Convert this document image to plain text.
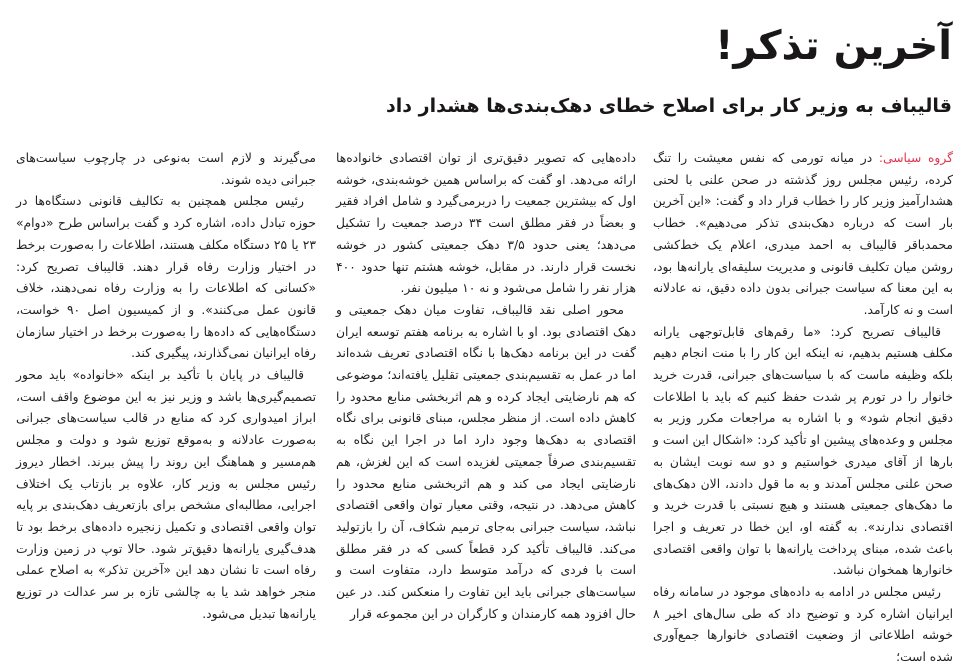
آخرین تذکر!
قالیباف به وزیر کار برای اصلاح خطای دهک‌بندی‌ها هشدار داد

گروه سیاسی: در میانه تورمی که نفس معیشت را تنگ کرده، رئیس مجلس روز گذشته در صحن علنی با لحنی هشدارآمیز وزیر کار را خطاب قرار داد و گفت: «این آخرین بار است که درباره دهک‌بندی تذکر می‌دهیم». خطاب محمدباقر قالیباف به احمد میدری، اعلام یک خط‌کشی روشن میان تکلیف قانونی و مدیریت سلیقه‌ای یارانه‌ها بود، به این معنا که سیاست جبرانی بدون داده دقیق، نه عادلانه است و نه کارآمد.

قالیباف تصریح کرد: «ما رقم‌های قابل‌توجهی یارانه مکلف هستیم بدهیم، نه اینکه این کار را با منت انجام دهیم بلکه وظیفه ماست که با سیاست‌های جبرانی، قدرت خرید خانوار را در تورم پر شدت حفظ کنیم که باید با اطلاعات دقیق انجام شود» و با اشاره به مراجعات مکرر وزیر به مجلس و وعده‌های پیشین او تأکید کرد: «اشکال این است و بارها از آقای میدری خواستیم و دو سه نوبت ایشان به صحن علنی مجلس آمدند و به ما قول دادند، الان دهک‌های ما دهک‌های جمعیتی هستند و هیچ نسبتی با قدرت خرید و اقتصادی ندارند». به گفته او، این خطا در تعریف و اجرا باعث شده، مبنای پرداخت یارانه‌ها با توان واقعی اقتصادی خانوارها همخوان نباشد.

رئیس مجلس در ادامه به داده‌های موجود در سامانه رفاه ایرانیان اشاره کرد و توضیح داد که طی سال‌های اخیر ۸ خوشه اطلاعاتی از وضعیت اقتصادی خانوارها جمع‌آوری شده است؛

داده‌هایی که تصویر دقیق‌تری از توان اقتصادی خانواده‌ها ارائه می‌دهد. او گفت که براساس همین خوشه‌بندی، خوشه اول که بیشترین جمعیت را دربرمی‌گیرد و شامل افراد فقیر و بعضاً در فقر مطلق است ۳۴ درصد جمعیت را تشکیل می‌دهد؛ یعنی حدود ۳/۵ دهک جمعیتی کشور در خوشه نخست قرار دارند. در مقابل، خوشه هشتم تنها حدود ۴۰۰ هزار نفر را شامل می‌شود و نه ۱۰ میلیون نفر.

محور اصلی نقد قالیباف، تفاوت میان دهک جمعیتی و دهک اقتصادی بود. او با اشاره به برنامه هفتم توسعه ایران گفت در این برنامه دهک‌ها با نگاه اقتصادی تعریف شده‌اند اما در عمل به تقسیم‌بندی جمعیتی تقلیل یافته‌اند؛ موضوعی که هم نارضایتی ایجاد کرده و هم اثربخشی منابع محدود را کاهش داده است. از منظر مجلس، مبنای قانونی برای نگاه اقتصادی به دهک‌ها وجود دارد اما در اجرا این نگاه به تقسیم‌بندی صرفاً جمعیتی لغزیده است که این لغزش، هم نارضایتی ایجاد می کند و هم اثربخشی منابع محدود را کاهش می‌دهد. در نتیجه، وقتی معیار توان واقعی اقتصادی نباشد، سیاست جبرانی به‌جای ترمیم شکاف، آن را بازتولید می‌کند. قالیباف تأکید کرد قطعاً کسی که در فقر مطلق است با فردی که درآمد متوسط دارد، متفاوت است و سیاست‌های جبرانی باید این تفاوت را منعکس کند. در عین حال افزود همه کارمندان و کارگران در این مجموعه قرار

می‌گیرند و لازم است به‌نوعی در چارچوب سیاست‌های جبرانی دیده شوند.

رئیس مجلس همچنین به تکالیف قانونی دستگاه‌ها در حوزه تبادل داده، اشاره کرد و گفت براساس طرح «دوام» ۲۳ یا ۲۵ دستگاه مکلف هستند، اطلاعات را به‌صورت برخط در اختیار وزارت رفاه قرار دهند. قالیباف تصریح کرد: «کسانی که اطلاعات را به وزارت رفاه نمی‌دهند، خلاف قانون عمل می‌کنند». و از کمیسیون اصل ۹۰ خواست، دستگاه‌هایی که داده‌ها را به‌صورت برخط در اختیار سازمان رفاه ایرانیان نمی‌گذارند، پیگیری کند.

قالیباف در پایان با تأکید بر اینکه «خانواده» باید محور تصمیم‌گیری‌ها باشد و وزیر نیز به این موضوع واقف است، ابراز امیدواری کرد که منابع در قالب سیاست‌های جبرانی به‌صورت عادلانه و به‌موقع توزیع شود و دولت و مجلس هم‌مسیر و هماهنگ این روند را پیش ببرند. اخطار دیروز رئیس مجلس به وزیر کار، علاوه بر بازتاب یک اختلاف اجرایی، مطالبه‌ای مشخص برای بازتعریف دهک‌بندی بر پایه توان واقعی اقتصادی و تکمیل زنجیره داده‌های برخط بود تا هدف‌گیری یارانه‌ها دقیق‌تر شود. حالا توپ در زمین وزارت رفاه است تا نشان دهد این «آخرین تذکر» به اصلاح عملی منجر خواهد شد یا به چالشی تازه بر سر عدالت در توزیع یارانه‌ها تبدیل می‌شود.
